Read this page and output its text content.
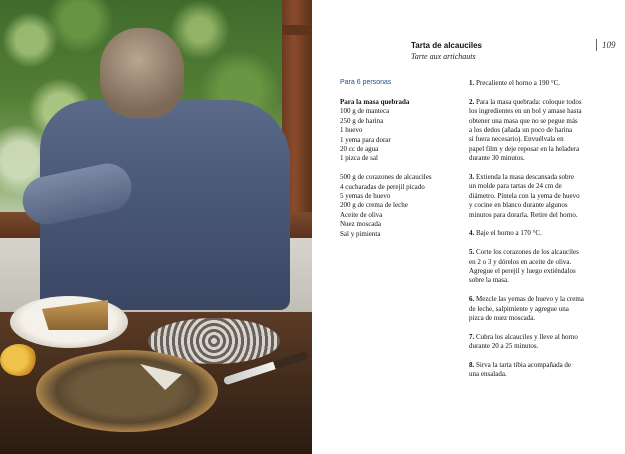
109
Tarta de alcauciles
Tarte aux artichauts
Para 6 personas
Para la masa quebrada
100 g de manteca
250 g de harina
1 huevo
1 yema para dorar
20 cc de agua
1 pizca de sal
500 g de corazones de alcauciles
4 cucharadas de perejil picado
5 yemas de huevo
200 g de crema de leche
Aceite de oliva
Nuez moscada
Sal y pimienta
1. Precaliente el horno a 190 °C.
2. Para la masa quebrada: coloque todos
los ingredientes en un bol y amase hasta
obtener una masa que no se pegue más
a los dedos (añada un poco de harina
si fuera necesario). Envuélvala en
papel film y deje reposar en la heladera
durante 30 minutos.
3. Extienda la masa descansada sobre
un molde para tartas de 24 cm de
diámetro. Píntela con la yema de huevo
y cocine en blanco durante algunos
minutos para dorarla. Retire del horno.
4. Baje el horno a 170 °C.
5. Corte los corazones de los alcauciles
en 2 o 3 y dórelos en aceite de oliva.
Agregue el perejil y luego extiéndalos
sobre la masa.
6. Mezcle las yemas de huevo y la crema
de leche, salpimiente y agregue una
pizca de nuez moscada.
7. Cubra los alcauciles y lleve al horno
durante 20 a 25 minutos.
8. Sirva la tarta tibia acompañada de
una ensalada.
